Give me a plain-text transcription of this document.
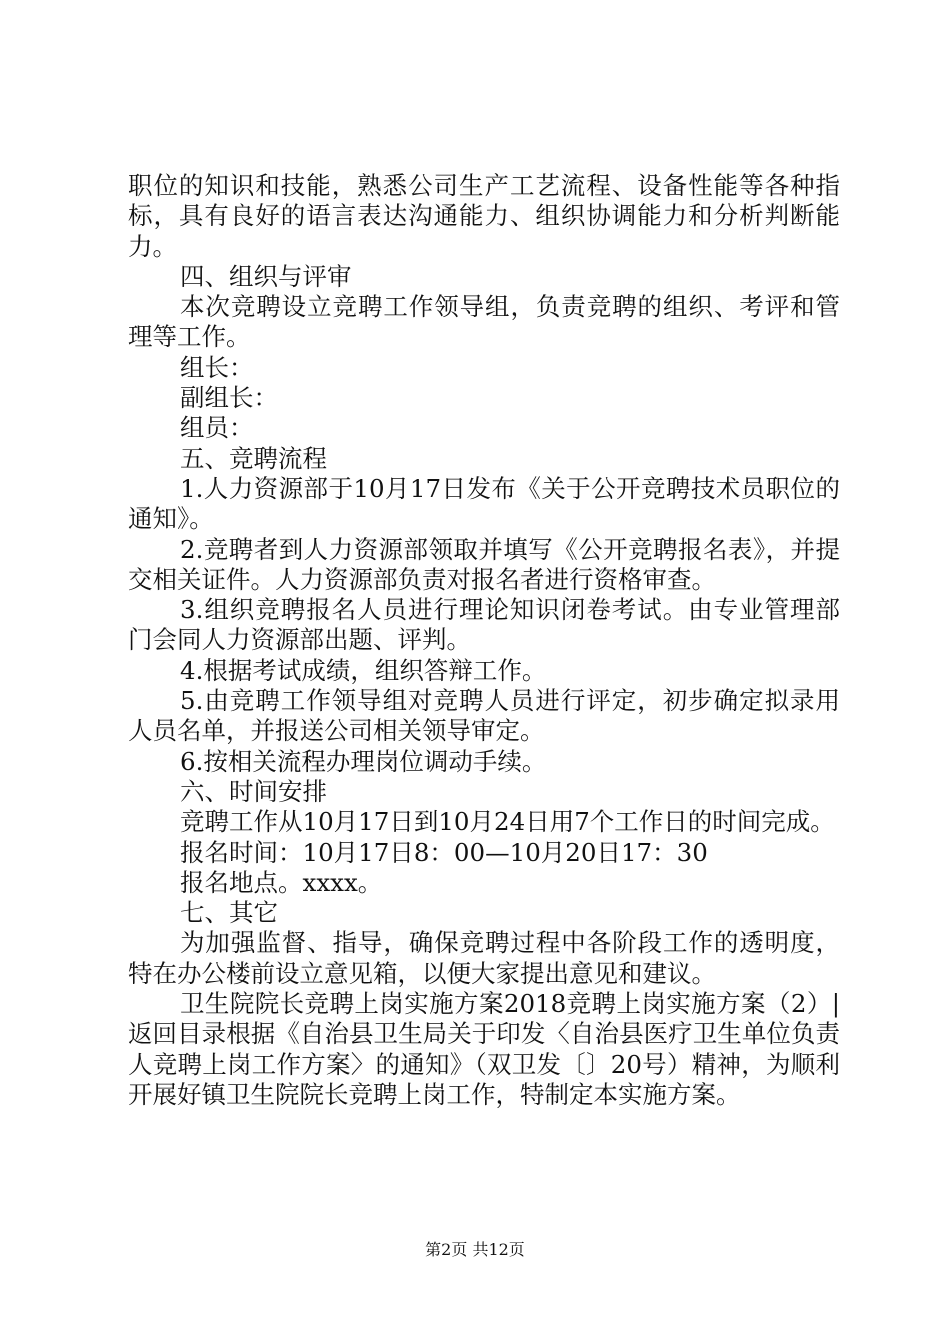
职位的知识和技能，熟悉公司生产工艺流程、设备性能等各种指标，具有良好的语言表达沟通能力、组织协调能力和分析判断能力。

四、组织与评审

本次竞聘设立竞聘工作领导组，负责竞聘的组织、考评和管理等工作。

组长：

副组长：

组员：

五、竞聘流程

1.人力资源部于10月17日发布《关于公开竞聘技术员职位的通知》。

2.竞聘者到人力资源部领取并填写《公开竞聘报名表》，并提交相关证件。人力资源部负责对报名者进行资格审查。

3.组织竞聘报名人员进行理论知识闭卷考试。由专业管理部门会同人力资源部出题、评判。

4.根据考试成绩，组织答辩工作。

5.由竞聘工作领导组对竞聘人员进行评定，初步确定拟录用人员名单，并报送公司相关领导审定。

6.按相关流程办理岗位调动手续。

六、时间安排

竞聘工作从10月17日到10月24日用7个工作日的时间完成。

报名时间：10月17日8：00—10月20日17：30

报名地点。xxxx。

七、其它

为加强监督、指导，确保竞聘过程中各阶段工作的透明度，特在办公楼前设立意见箱，以便大家提出意见和建议。

卫生院院长竞聘上岗实施方案2018竞聘上岗实施方案（2）|返回目录根据《自治县卫生局关于印发〈自治县医疗卫生单位负责人竞聘上岗工作方案〉的通知》（双卫发〔〕20号）精神，为顺利开展好镇卫生院院长竞聘上岗工作，特制定本实施方案。

第2页 共12页
